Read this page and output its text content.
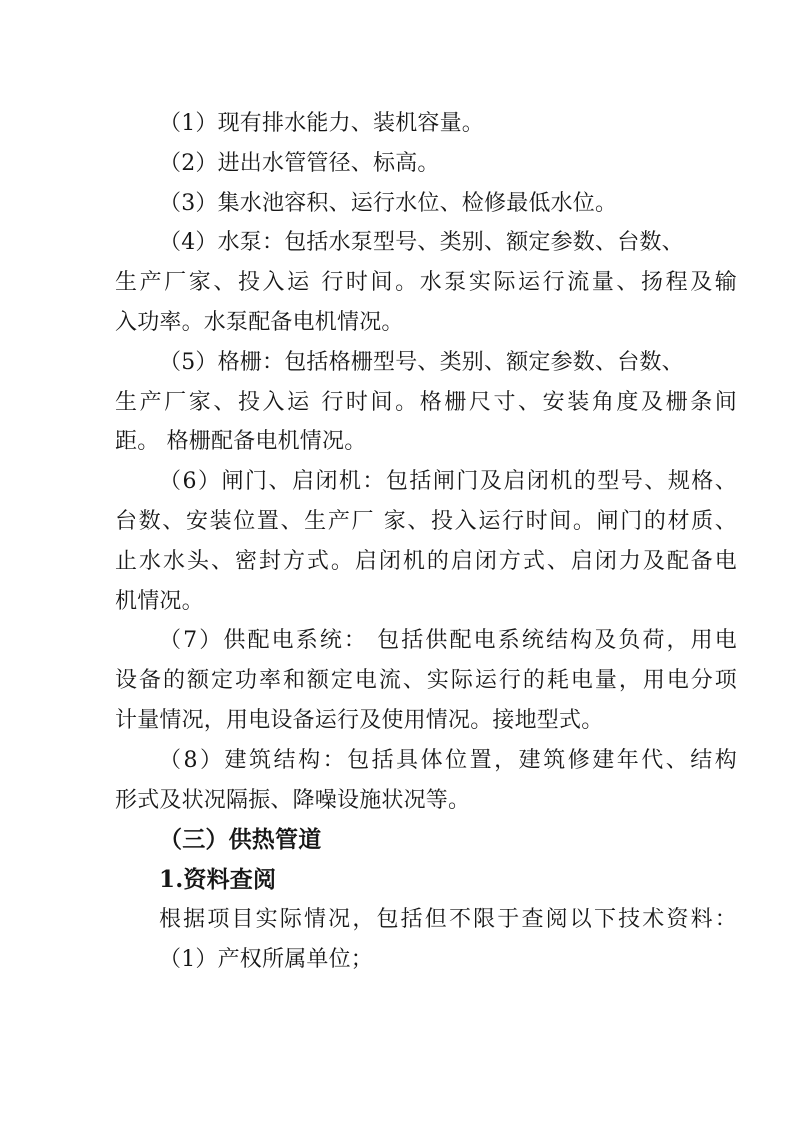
（1）现有排水能力、装机容量。
（2）进出水管管径、标高。
（3）集水池容积、运行水位、检修最低水位。
（4）水泵：包括水泵型号、类别、额定参数、台数、
生产厂家、投入运 行时间。水泵实际运行流量、扬程及输
入功率。水泵配备电机情况。
（5）格栅：包括格栅型号、类别、额定参数、台数、
生产厂家、投入运 行时间。格栅尺寸、安装角度及栅条间
距。 格栅配备电机情况。
（6）闸门、启闭机：包括闸门及启闭机的型号、规格、
台数、安装位置、生产厂 家、投入运行时间。闸门的材质、
止水水头、密封方式。启闭机的启闭方式、启闭力及配备电
机情况。
（7）供配电系统： 包括供配电系统结构及负荷，用电
设备的额定功率和额定电流、实际运行的耗电量，用电分项
计量情况，用电设备运行及使用情况。接地型式。
（8）建筑结构：包括具体位置，建筑修建年代、结构
形式及状况隔振、降噪设施状况等。
（三）供热管道
1.资料查阅
根据项目实际情况，包括但不限于查阅以下技术资料：
（1）产权所属单位；
